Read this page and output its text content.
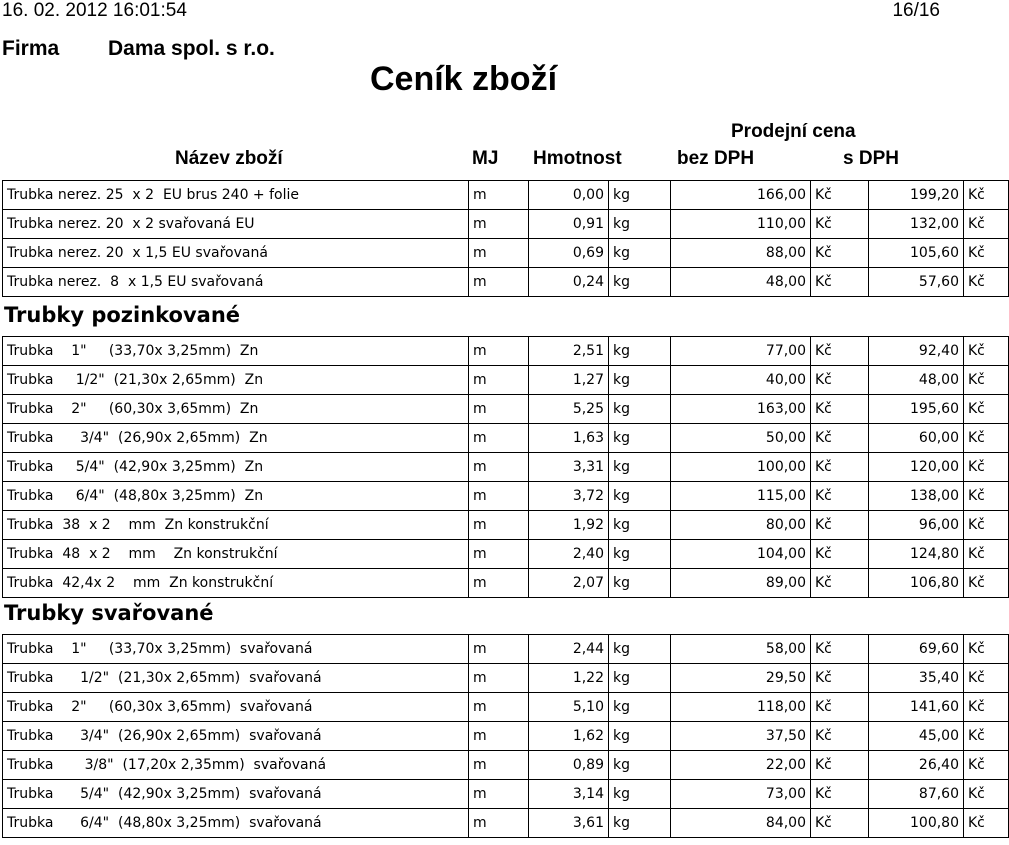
16. 02. 2012 16:01:54	16/16
Firma Dama spol. s r.o.
Ceník zboží
Název zboží	MJ Hmotnost
Prodejní cena
bez DPH	s DPH
Trubka nerez. 25  x 2  EU brus 240 + folie	m	0,00	kg	166,00	Kč	199,20	Kč
Trubka nerez. 20  x 2 svařovaná EU	m	0,91	kg	110,00	Kč	132,00	Kč
Trubka nerez. 20  x 1,5 EU svařovaná	m	0,69	kg	88,00	Kč	105,60	Kč
Trubka nerez.  8  x 1,5 EU svařovaná	m	0,24	kg	48,00	Kč	57,60	Kč
Trubky pozinkované
Trubka    1"     (33,70x 3,25mm)  Zn	m	2,51	kg	77,00	Kč	92,40	Kč
Trubka     1/2"  (21,30x 2,65mm)  Zn	m	1,27	kg	40,00	Kč	48,00	Kč
Trubka    2"     (60,30x 3,65mm)  Zn	m	5,25	kg	163,00	Kč	195,60	Kč
Trubka      3/4"  (26,90x 2,65mm)  Zn	m	1,63	kg	50,00	Kč	60,00	Kč
Trubka     5/4"  (42,90x 3,25mm)  Zn	m	3,31	kg	100,00	Kč	120,00	Kč
Trubka     6/4"  (48,80x 3,25mm)  Zn	m	3,72	kg	115,00	Kč	138,00	Kč
Trubka  38  x 2    mm  Zn konstrukční	m	1,92	kg	80,00	Kč	96,00	Kč
Trubka  48  x 2    mm    Zn konstrukční	m	2,40	kg	104,00	Kč	124,80	Kč
Trubka  42,4x 2    mm  Zn konstrukční	m	2,07	kg	89,00	Kč	106,80	Kč
Trubky svařované
Trubka    1"     (33,70x 3,25mm)  svařovaná	m	2,44	kg	58,00	Kč	69,60	Kč
Trubka      1/2"  (21,30x 2,65mm)  svařovaná	m	1,22	kg	29,50	Kč	35,40	Kč
Trubka    2"     (60,30x 3,65mm)  svařovaná	m	5,10	kg	118,00	Kč	141,60	Kč
Trubka      3/4"  (26,90x 2,65mm)  svařovaná	m	1,62	kg	37,50	Kč	45,00	Kč
Trubka       3/8"  (17,20x 2,35mm)  svařovaná	m	0,89	kg	22,00	Kč	26,40	Kč
Trubka      5/4"  (42,90x 3,25mm)  svařovaná	m	3,14	kg	73,00	Kč	87,60	Kč
Trubka      6/4"  (48,80x 3,25mm)  svařovaná	m	3,61	kg	84,00	Kč	100,80	Kč
